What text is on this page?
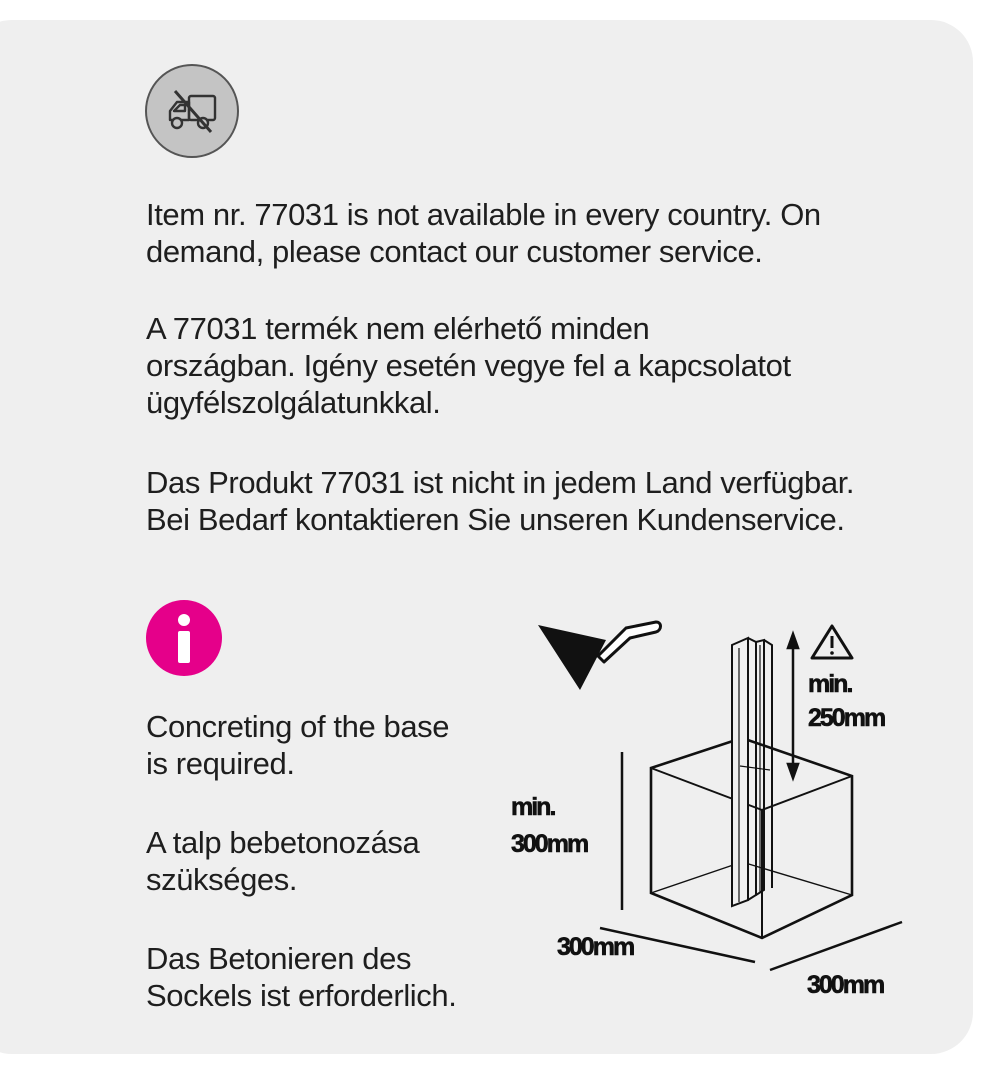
Item nr. 77031 is not available in every country. On
demand, please contact our customer service.
A 77031 termék nem elérhető minden
országban. Igény esetén vegye fel a kapcsolatot
ügyfélszolgálatunkkal.
Das Produkt 77031 ist nicht in jedem Land verfügbar.
Bei Bedarf kontaktieren Sie unseren Kundenservice.
Concreting of the base
is required.
A talp bebetonozása
szükséges.
Das Betonieren des
Sockels ist erforderlich.
min.
250mm
min.
300mm
300mm
300mm
